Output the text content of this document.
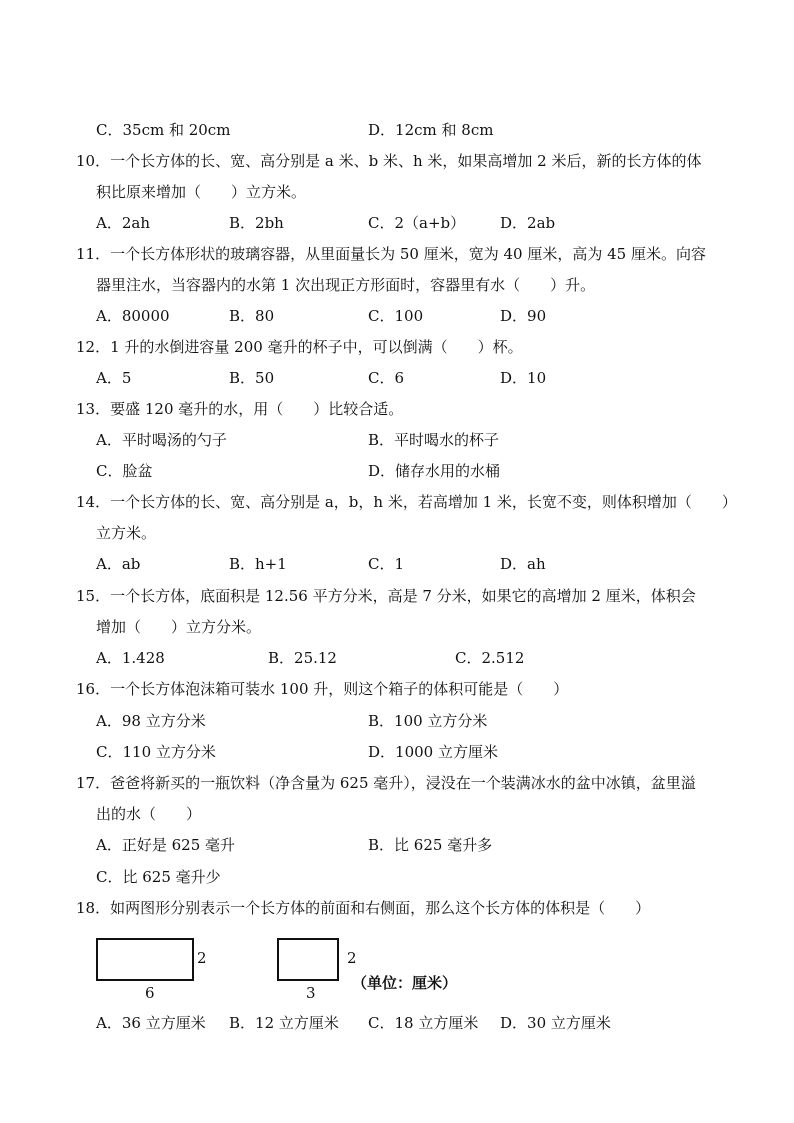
C．35cm 和 20cm	D．12cm 和 8cm
10．一个长方体的长、宽、高分别是 a 米、b 米、h 米，如果高增加 2 米后，新的长方体的体
积比原来增加（　　）立方米。
A．2ah	B．2bh	C．2（a+b） D．2ab
11．一个长方体形状的玻璃容器，从里面量长为 50 厘米，宽为 40 厘米，高为 45 厘米。向容
器里注水，当容器内的水第 1 次出现正方形面时，容器里有水（　　）升。
A．80000	B．80	C．100	D．90
12．1 升的水倒进容量 200 毫升的杯子中，可以倒满（　　）杯。
A．5	B．50	C．6	D．10
13．要盛 120 毫升的水，用（　　）比较合适。
A．平时喝汤的勺子	B．平时喝水的杯子
C．脸盆	D．储存水用的水桶
14．一个长方体的长、宽、高分别是 a，b，h 米，若高增加 1 米，长宽不变，则体积增加（　　）
立方米。
A．ab	B．h+1	C．1	D．ah
15．一个长方体，底面积是 12.56 平方分米，高是 7 分米，如果它的高增加 2 厘米，体积会
增加（　　）立方分米。
A．1.428	B．25.12	C．2.512
16．一个长方体泡沫箱可装水 100 升，则这个箱子的体积可能是（　　）
A．98 立方分米	B．100 立方分米
C．110 立方分米	D．1000 立方厘米
17．爸爸将新买的一瓶饮料（净含量为 625 毫升），浸没在一个装满冰水的盆中冰镇，盆里溢
出的水（　　）
A．正好是 625 毫升	B．比 625 毫升多
C．比 625 毫升少
18．如两图形分别表示一个长方体的前面和右侧面，那么这个长方体的体积是（　　）
2
6
2
3
（单位：厘米）
A．36 立方厘米 B．12 立方厘米 C．18 立方厘米 D．30 立方厘米
